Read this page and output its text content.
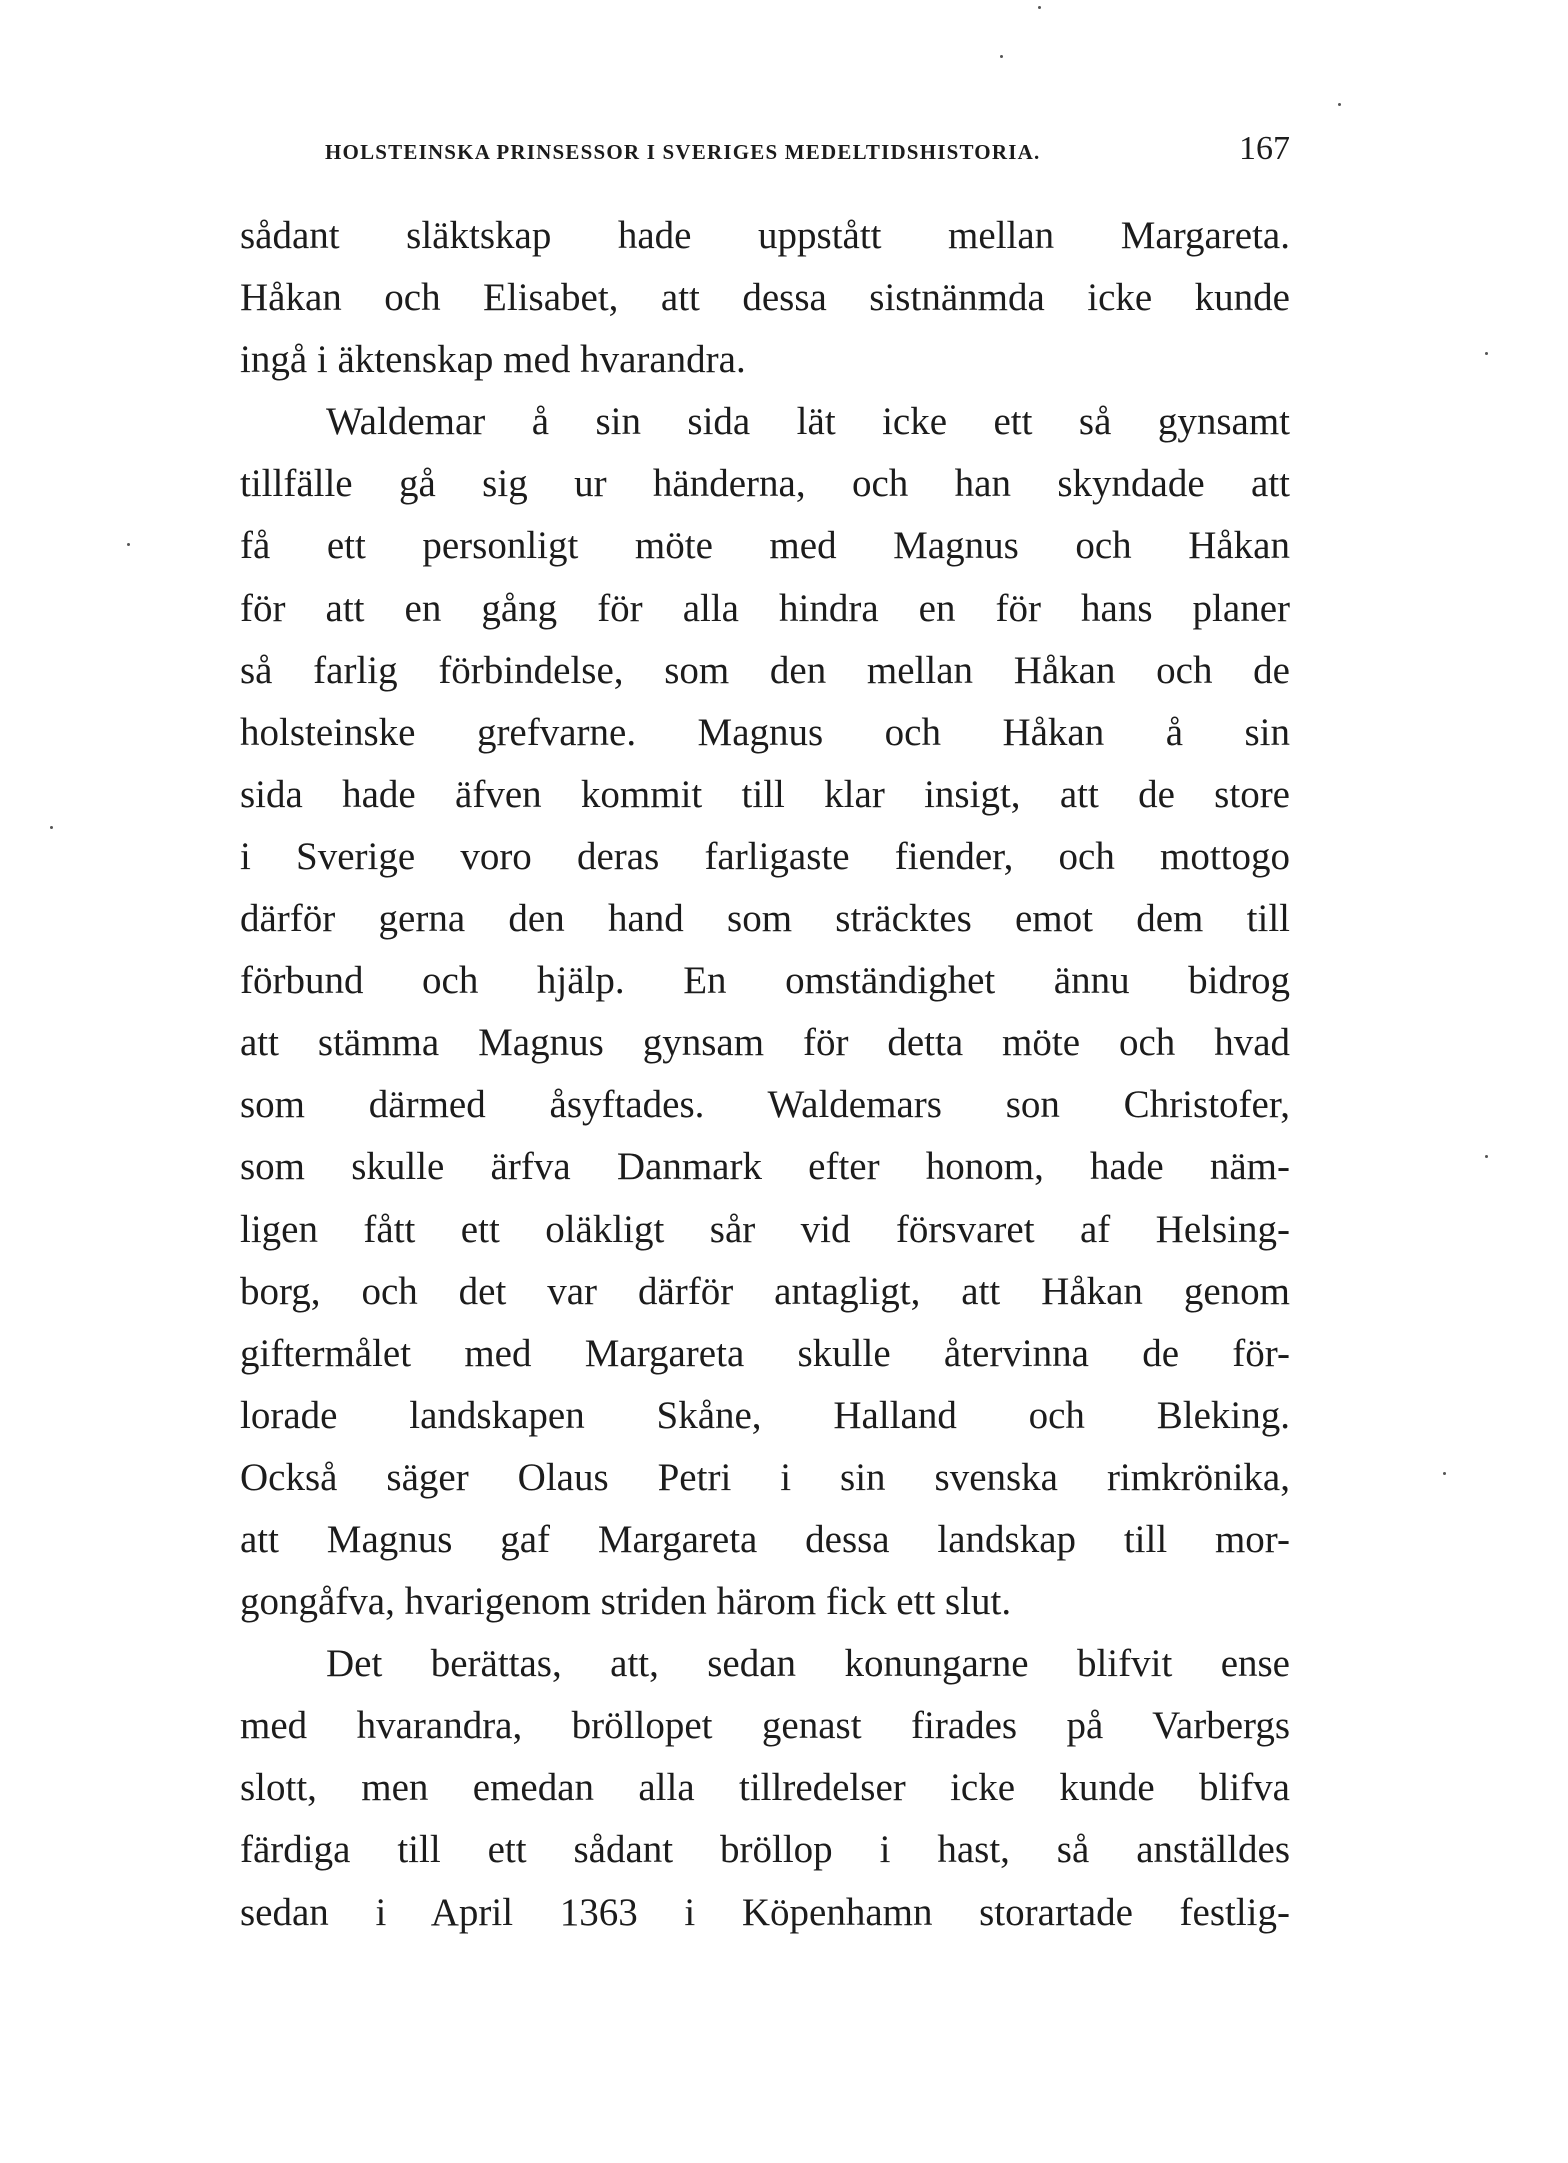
HOLSTEINSKA PRINSESSOR I SVERIGES MEDELTIDSHISTORIA.	167
sådant släktskap hade uppstått mellan Margareta.
Håkan och Elisabet, att dessa sistnänmda icke kunde
ingå i äktenskap med hvarandra.
Waldemar å sin sida lät icke ett så gynsamt
tillfälle gå sig ur händerna, och han skyndade att
få ett personligt möte med Magnus och Håkan
för att en gång för alla hindra en för hans planer
så farlig förbindelse, som den mellan Håkan och de
holsteinske grefvarne. Magnus och Håkan å sin
sida hade äfven kommit till klar insigt, att de store
i Sverige voro deras farligaste fiender, och mottogo
därför gerna den hand som sträcktes emot dem till
förbund och hjälp. En omständighet ännu bidrog
att stämma Magnus gynsam för detta möte och hvad
som därmed åsyftades. Waldemars son Christofer,
som skulle ärfva Danmark efter honom, hade näm-
ligen fått ett oläkligt sår vid försvaret af Helsing-
borg, och det var därför antagligt, att Håkan genom
giftermålet med Margareta skulle återvinna de för-
lorade landskapen Skåne, Halland och Bleking.
Också säger Olaus Petri i sin svenska rimkrönika,
att Magnus gaf Margareta dessa landskap till mor-
gongåfva, hvarigenom striden härom fick ett slut.
Det berättas, att, sedan konungarne blifvit ense
med hvarandra, bröllopet genast firades på Varbergs
slott, men emedan alla tillredelser icke kunde blifva
färdiga till ett sådant bröllop i hast, så anställdes
sedan i April 1363 i Köpenhamn storartade festlig-
